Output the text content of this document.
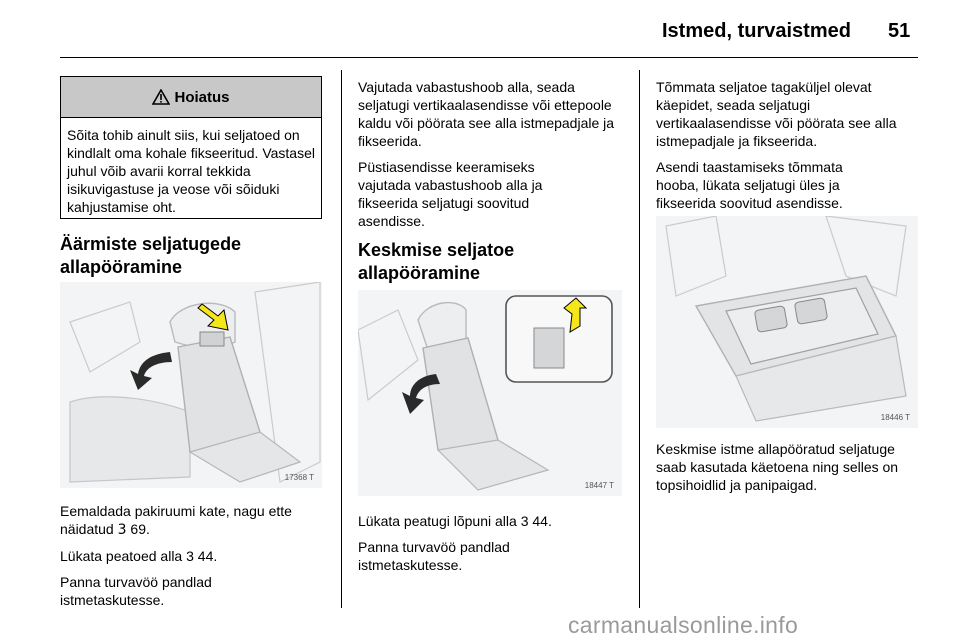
Istmed, turvaistmed 51
Hoiatus
Sõita tohib ainult siis, kui seljatoed on kindlalt oma kohale fikseeritud. Vastasel juhul võib avarii korral tekkida isikuvigastuse ja veose või sõiduki kahjustamise oht.

Äärmiste seljatugede

allapööramine

17368 T

Eemaldada pakiruumi kate, nagu ette näidatud 3 69.

Lükata peatoed alla 3 44.

Panna turvavöö pandlad istmetaskutesse.

Vajutada vabastushoob alla, seada seljatugi vertikaalasendisse või ettepoole kaldu või pöörata see alla istmepadjale ja fikseerida.

Püstiasendisse keeramiseks vajutada vabastushoob alla ja fikseerida seljatugi soovitud asendisse.

Keskmise seljatoe

allapööramine

18447 T

Lükata peatugi lõpuni alla 3 44.

Panna turvavöö pandlad istmetaskutesse.

Tõmmata seljatoe tagaküljel olevat käepidet, seada seljatugi vertikaalasendisse või pöörata see alla istmepadjale ja fikseerida.

Asendi taastamiseks tõmmata hooba, lükata seljatugi üles ja fikseerida soovitud asendisse.

18446 T

Keskmise istme allapööratud seljatuge saab kasutada käetoena ning selles on topsihoidlid ja panipaigad.

carmanualsonline.info
